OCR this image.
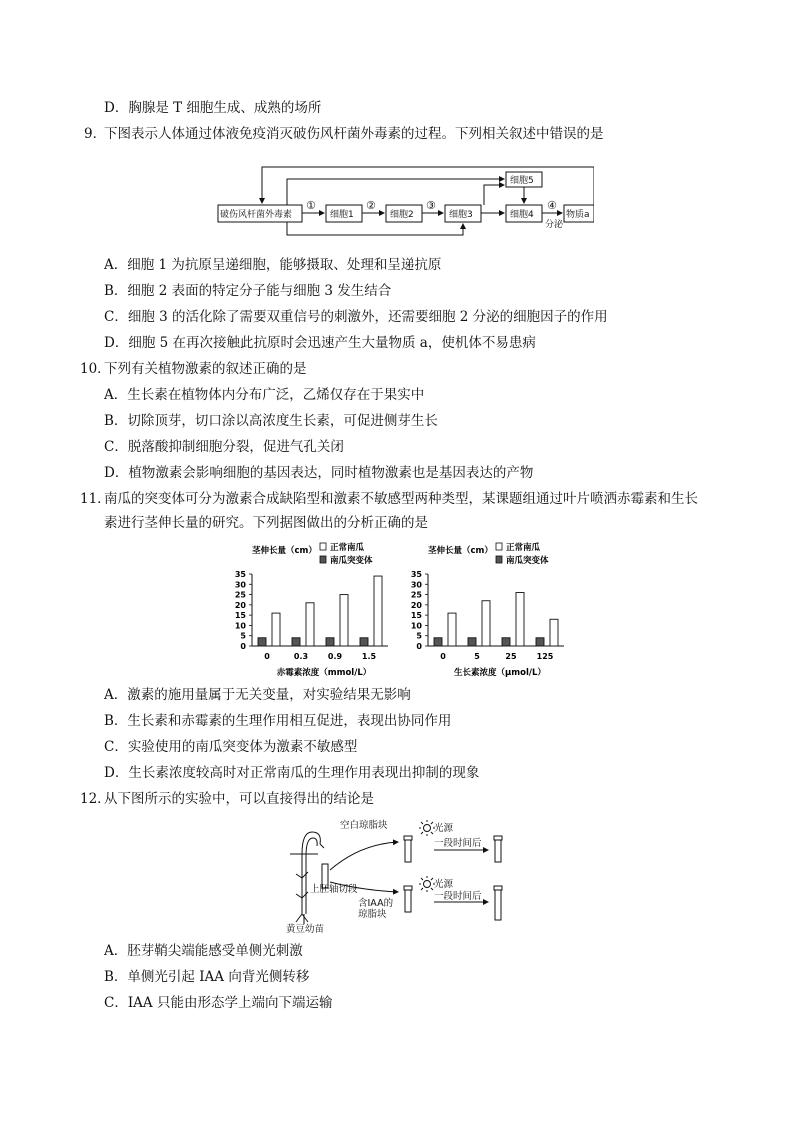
D．胸腺是 T 细胞生成、成熟的场所
9．
下图表示人体通过体液免疫消灭破伤风杆菌外毒素的过程。下列相关叙述中错误的是
破伤风杆菌外毒素	细胞1	细胞2	细胞3	细胞4
细胞5
物质a
分泌
①	②	③	④
A．细胞 1 为抗原呈递细胞，能够摄取、处理和呈递抗原
B．细胞 2 表面的特定分子能与细胞 3 发生结合
C．细胞 3 的活化除了需要双重信号的刺激外，还需要细胞 2 分泌的细胞因子的作用
D．细胞 5 在再次接触此抗原时会迅速产生大量物质 a，使机体不易患病
10．
下列有关植物激素的叙述正确的是
A．生长素在植物体内分布广泛，乙烯仅存在于果实中
B．切除顶芽，切口涂以高浓度生长素，可促进侧芽生长
C．脱落酸抑制细胞分裂，促进气孔关闭
D．植物激素会影响细胞的基因表达，同时植物激素也是基因表达的产物
11．
南瓜的突变体可分为激素合成缺陷型和激素不敏感型两种类型，某课题组通过叶片喷洒赤霉素和生长
素进行茎伸长量的研究。下列据图做出的分析正确的是
茎伸长量（cm） 正常南瓜
南瓜突变体
0
5
10
15
20
25
30
35
0	0.3 0.9 1.5
赤霉素浓度（mmol/L）
茎伸长量（cm） 正常南瓜
南瓜突变体
0
5
10
15
20
25
30
35
0	5	25	125
生长素浓度（μmol/L）
A．激素的施用量属于无关变量，对实验结果无影响
B．生长素和赤霉素的生理作用相互促进，表现出协同作用
C．实验使用的南瓜突变体为激素不敏感型
D．生长素浓度较高时对正常南瓜的生理作用表现出抑制的现象
12．
从下图所示的实验中，可以直接得出的结论是
空白琼脂块	光源
一段时间后
光源
一段时间后
上胚轴切段
含IAA的
琼脂块
黄豆幼苗
A．胚芽鞘尖端能感受单侧光刺激
B．单侧光引起 IAA 向背光侧转移
C．IAA 只能由形态学上端向下端运输
